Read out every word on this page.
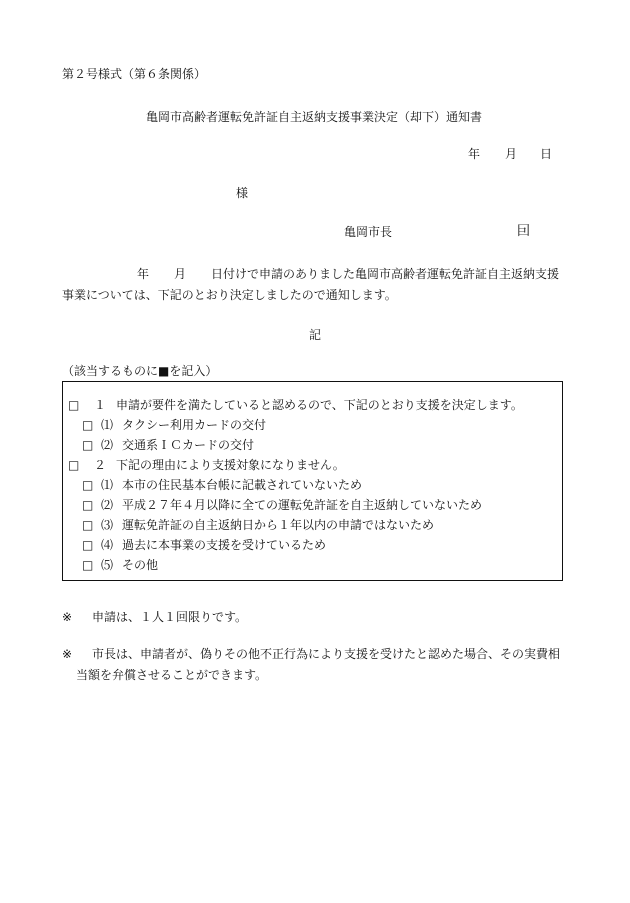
第２号様式（第６条関係）
亀岡市高齢者運転免許証自主返納支援事業決定（却下）通知書
年 月 日
様
亀岡市長	囙
年 月 日付けで申請のありました亀岡市高齢者運転免許証自主返納支援
事業については、下記のとおり決定しましたので通知します。
記
（該当するものに■を記入）
□ １ 申請が要件を満たしていると認めるので、下記のとおり支援を決定します。
□ ⑴ タクシー利用カードの交付
□ ⑵ 交通系ＩＣカードの交付
□ ２ 下記の理由により支援対象になりません。
□ ⑴ 本市の住民基本台帳に記載されていないため
□ ⑵ 平成２７年４月以降に全ての運転免許証を自主返納していないため
□ ⑶ 運転免許証の自主返納日から１年以内の申請ではないため
□ ⑷ 過去に本事業の支援を受けているため
□ ⑸ その他
※ 申請は、１人１回限りです。
※ 市長は、申請者が、偽りその他不正行為により支援を受けたと認めた場合、その実費相
当額を弁償させることができます。
